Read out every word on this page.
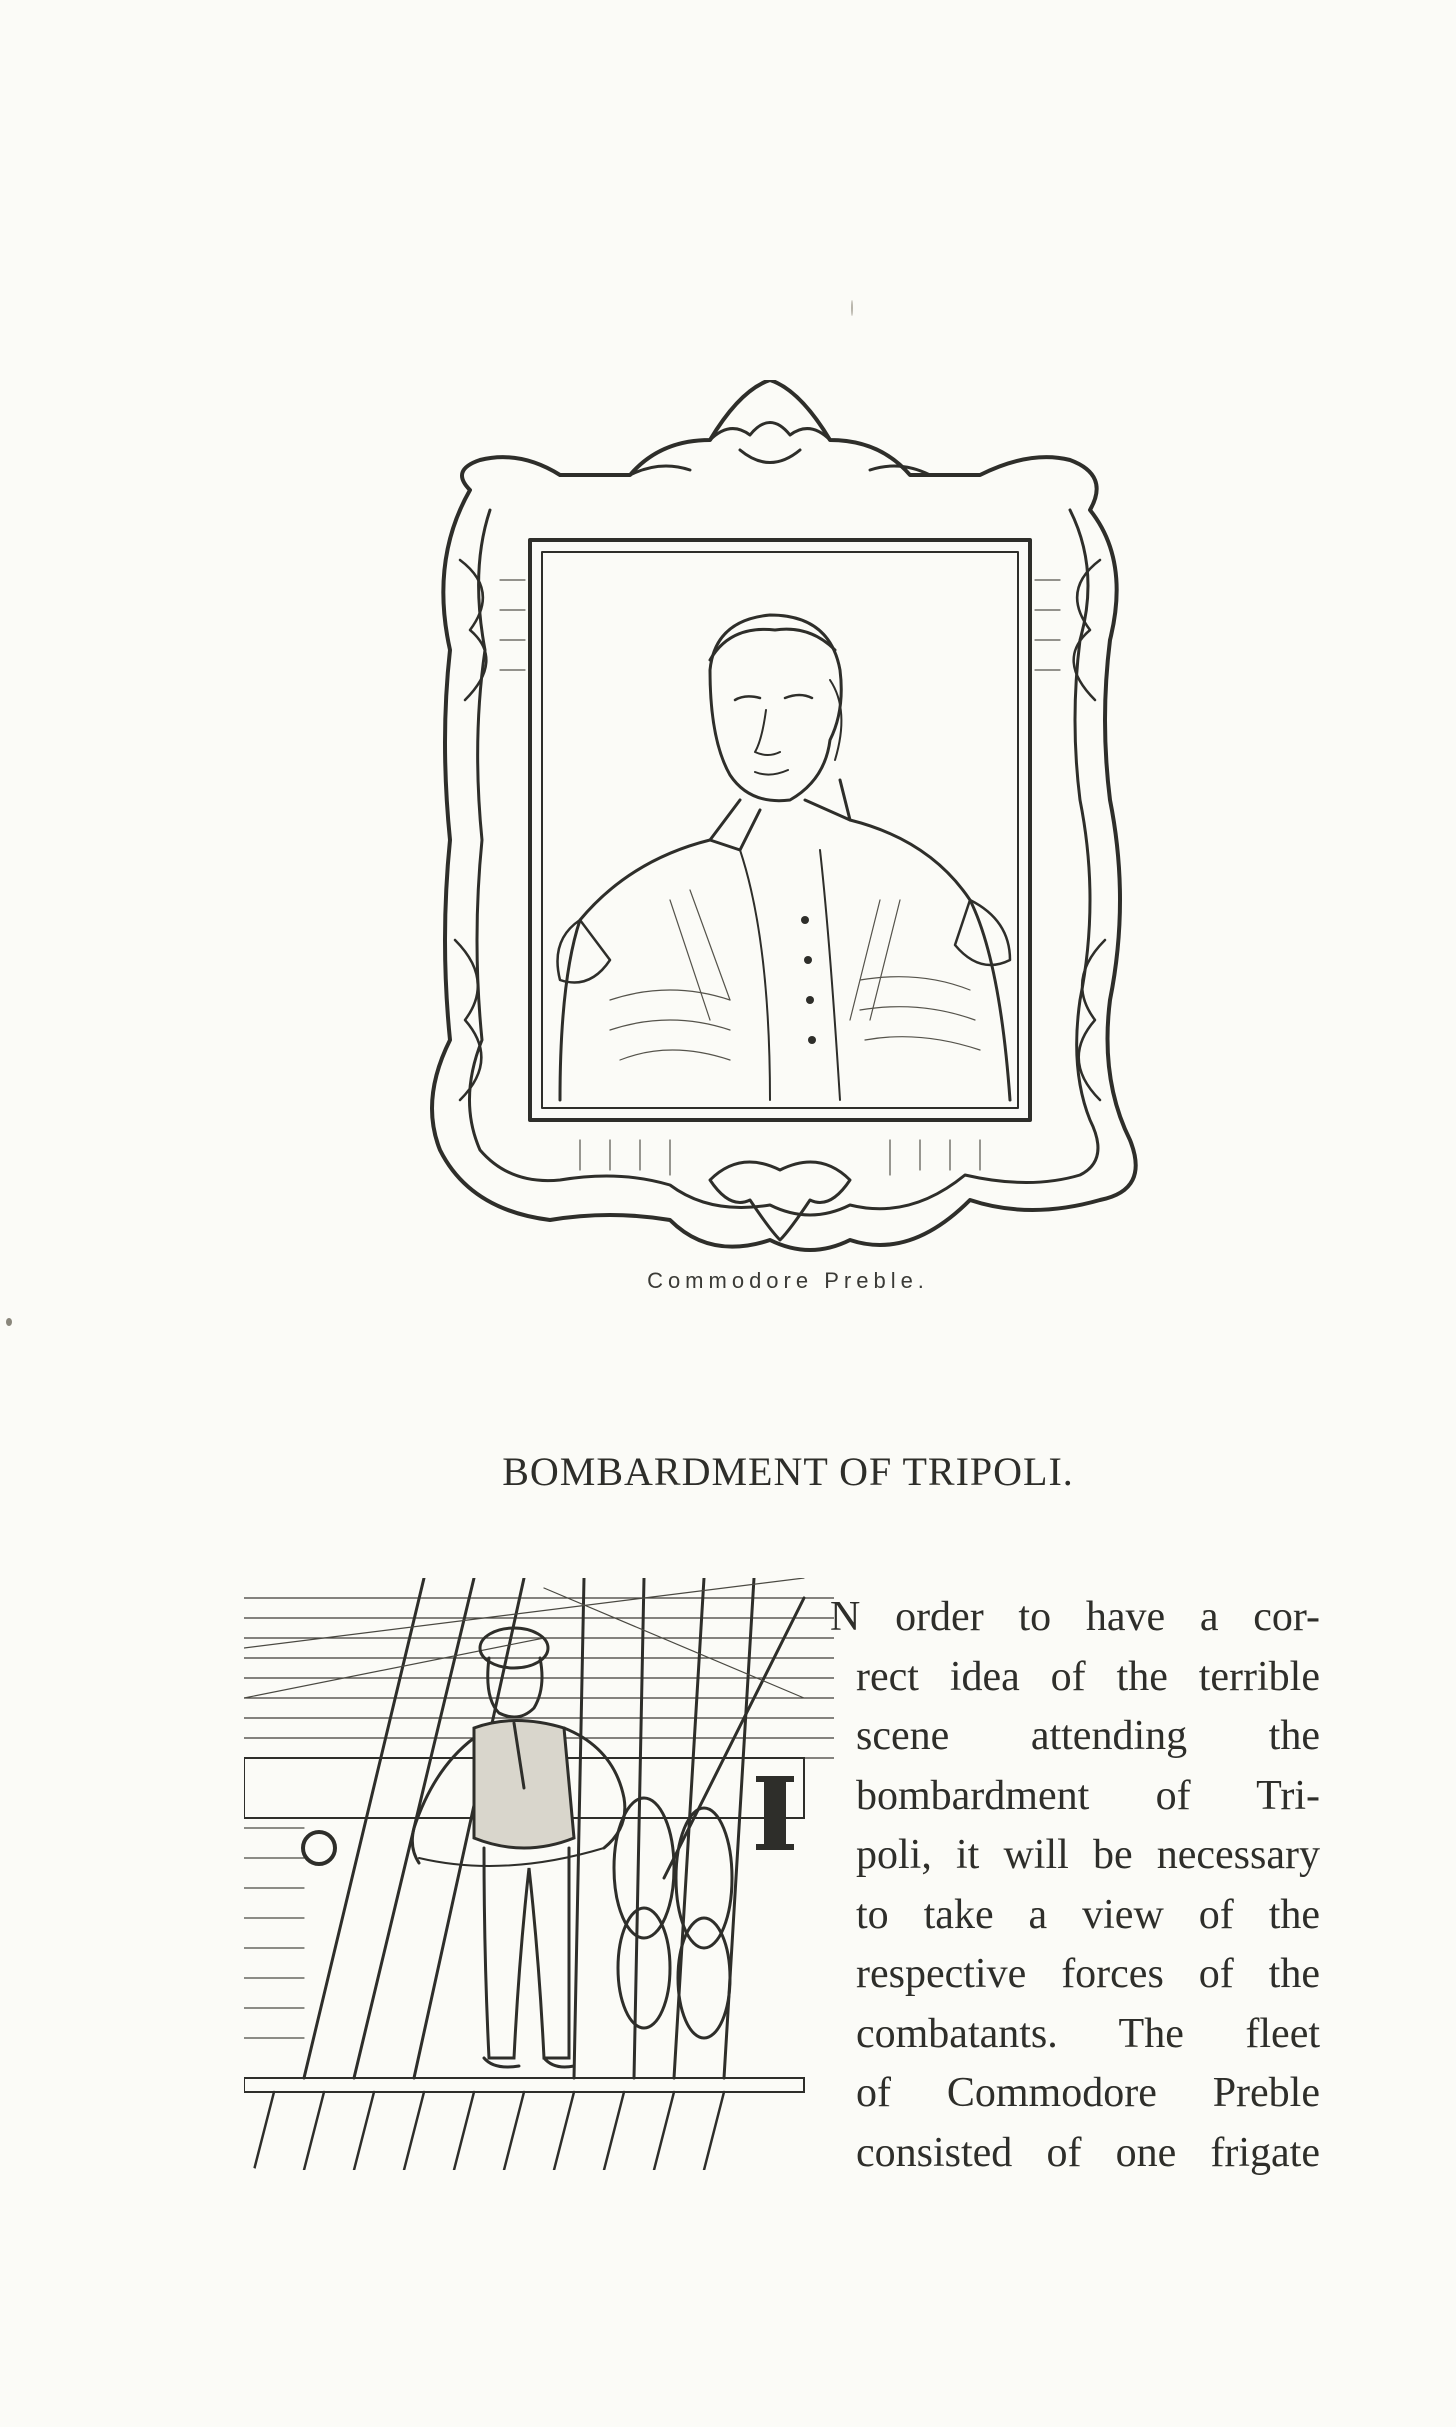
Commodore Preble.
BOMBARDMENT OF TRIPOLI.
N order to have a cor-
rect idea of the terrible
scene attending the
bombardment of Tri-
poli, it will be necessary
to take a view of the
respective forces of the
combatants. The fleet
of Commodore Preble
consisted of one frigate
